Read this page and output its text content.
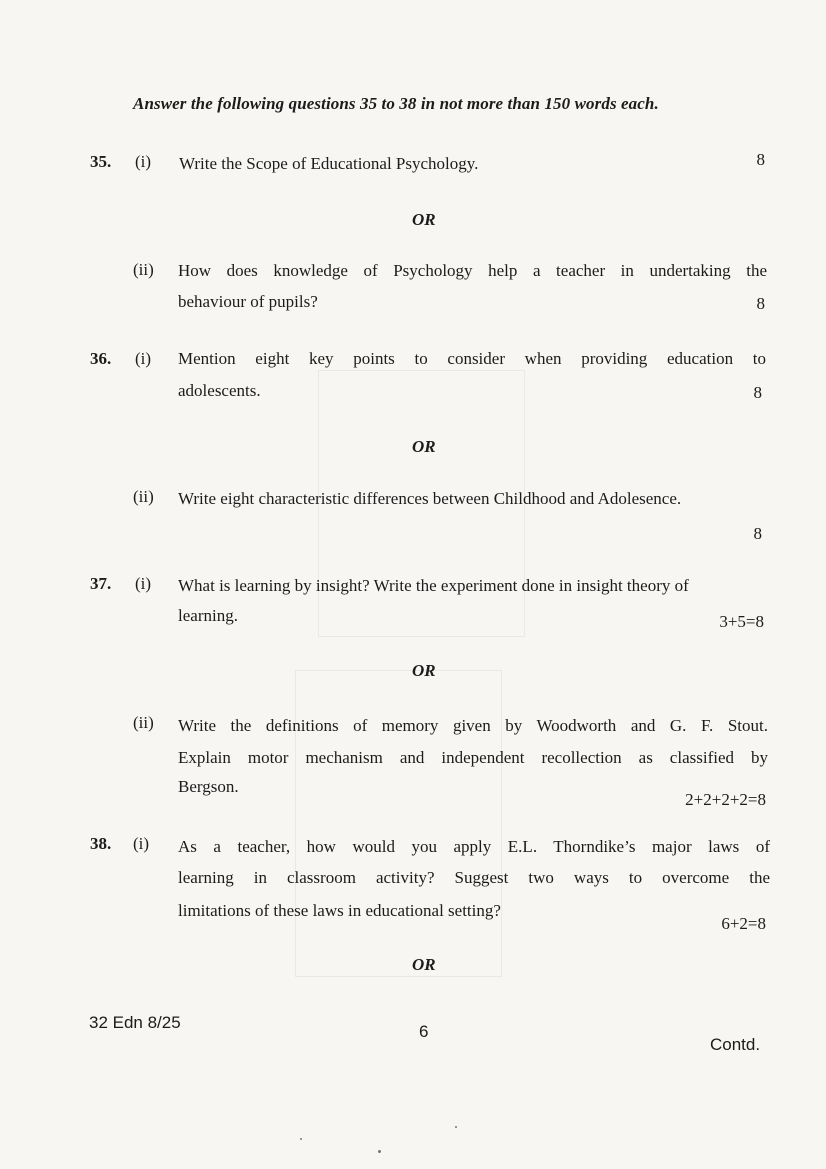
Answer the following questions 35 to 38 in not more than 150 words each.
35. (i) Write the Scope of Educational Psychology.	8
OR
(ii) How does knowledge of Psychology help a teacher in undertaking the
behaviour of pupils?	8
36. (i) Mention eight key points to consider when providing education to
adolescents.	8
OR
(ii) Write eight characteristic differences between Childhood and Adolesence.
8
37. (i) What is learning by insight? Write the experiment done in insight theory of
learning.	3+5=8
OR
(ii) Write the definitions of memory given by Woodworth and G. F. Stout.
Explain motor mechanism and independent recollection as classified by
Bergson.
2+2+2+2=8
38. (i) As a teacher, how would you apply E.L. Thorndike’s major laws of
learning in classroom activity? Suggest two ways to overcome the
limitations of these laws in educational setting?
6+2=8
OR
32 Edn 8/25	6
Contd.
